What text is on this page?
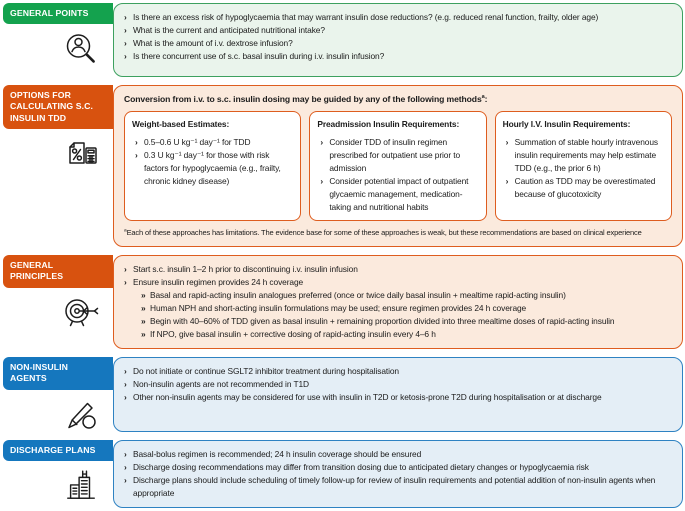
GENERAL POINTS	› Is there an excess risk of hypoglycaemia that may warrant insulin dose reductions? (e.g. reduced renal function, frailty, older age)
› What is the current and anticipated nutritional intake?
› What is the amount of i.v. dextrose infusion?
› Is there concurrent use of s.c. basal insulin during i.v. insulin infusion?
OPTIONS FOR CALCULATING S.C. INSULIN TDD
Conversion from i.v. to s.c. insulin dosing may be guided by any of the following methods$^a$:
Weight-based Estimates:
› 0.5–0.6 U kg⁻¹ day⁻¹ for TDD
› 0.3 U kg⁻¹ day⁻¹ for those with risk factors for hypoglycaemia (e.g., frailty, chronic kidney disease)
Preadmission Insulin Requirements:
› Consider TDD of insulin regimen prescribed for outpatient use prior to admission
› Consider potential impact of outpatient glycaemic management, medication-taking and nutritional habits
Hourly I.V. Insulin Requirements:
› Summation of stable hourly intravenous insulin requirements may help estimate TDD (e.g., the prior 6 h)
› Caution as TDD may be overestimated because of glucotoxicity
$^a$Each of these approaches has limitations. The evidence base for some of these approaches is weak, but these recommendations are based on clinical experience
GENERAL PRINCIPLES
› Start s.c. insulin 1–2 h prior to discontinuing i.v. insulin infusion
› Ensure insulin regimen provides 24 h coverage
» Basal and rapid-acting insulin analogues preferred (once or twice daily basal insulin + mealtime rapid-acting insulin)
» Human NPH and short-acting insulin formulations may be used; ensure regimen provides 24 h coverage
» Begin with 40–60% of TDD given as basal insulin + remaining proportion divided into three mealtime doses of rapid-acting insulin
» If NPO, give basal insulin + corrective dosing of rapid-acting insulin every 4–6 h
NON-INSULIN AGENTS
› Do not initiate or continue SGLT2 inhibitor treatment during hospitalisation
› Non-insulin agents are not recommended in T1D
› Other non-insulin agents may be considered for use with insulin in T2D or ketosis-prone T2D during hospitalisation or at discharge
DISCHARGE PLANS	› Basal-bolus regimen is recommended; 24 h insulin coverage should be ensured
› Discharge dosing recommendations may differ from transition dosing due to anticipated dietary changes or hypoglycaemia risk
› Discharge plans should include scheduling of timely follow-up for review of insulin requirements and potential addition of non-insulin agents when appropriate
